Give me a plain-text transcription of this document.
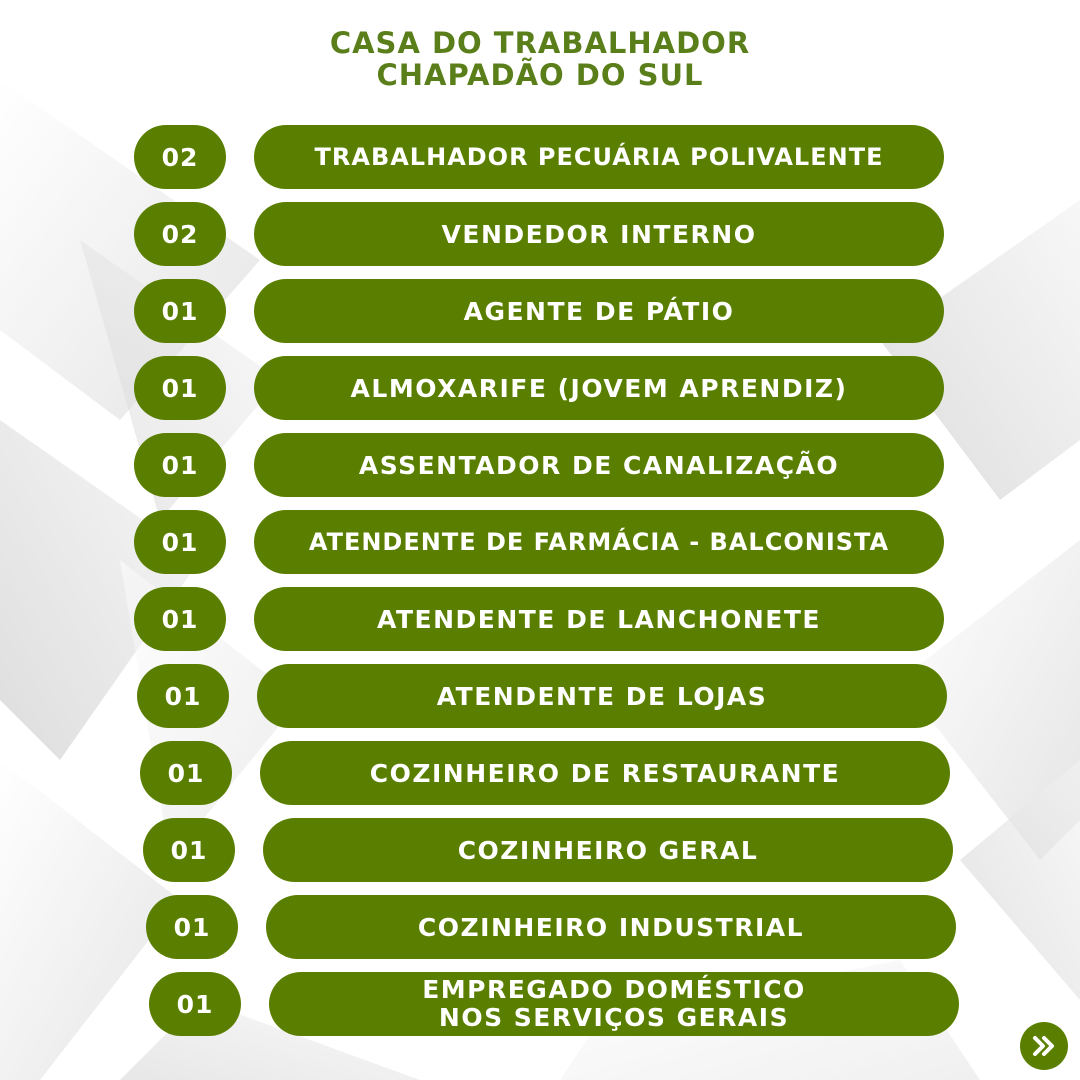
CASA DO TRABALHADOR
CHAPADÃO DO SUL
02	TRABALHADOR PECUÁRIA POLIVALENTE
02	VENDEDOR INTERNO
01	AGENTE DE PÁTIO
01	ALMOXARIFE (JOVEM APRENDIZ)
01	ASSENTADOR DE CANALIZAÇÃO
01	ATENDENTE DE FARMÁCIA - BALCONISTA
01	ATENDENTE DE LANCHONETE
01	ATENDENTE DE LOJAS
01	COZINHEIRO DE RESTAURANTE
01	COZINHEIRO GERAL
01	COZINHEIRO INDUSTRIAL
01	EMPREGADO DOMÉSTICO
NOS SERVIÇOS GERAIS
